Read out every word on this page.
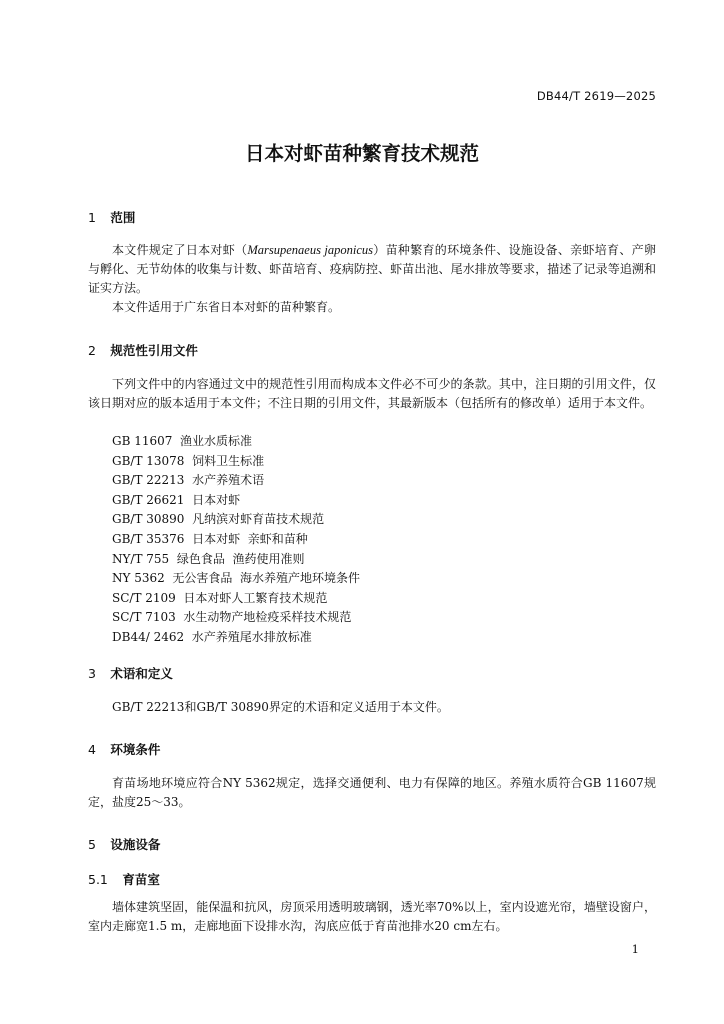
DB44/T 2619—2025
日本对虾苗种繁育技术规范
1 范围
本文件规定了日本对虾（Marsupenaeus japonicus）苗种繁育的环境条件、设施设备、亲虾培育、产卵与孵化、无节幼体的收集与计数、虾苗培育、疫病防控、虾苗出池、尾水排放等要求，描述了记录等追溯和证实方法。
本文件适用于广东省日本对虾的苗种繁育。
2 规范性引用文件
下列文件中的内容通过文中的规范性引用而构成本文件必不可少的条款。其中，注日期的引用文件，仅该日期对应的版本适用于本文件；不注日期的引用文件，其最新版本（包括所有的修改单）适用于本文件。
GB 11607  渔业水质标准
GB/T 13078  饲料卫生标准
GB/T 22213  水产养殖术语
GB/T 26621  日本对虾
GB/T 30890  凡纳滨对虾育苗技术规范
GB/T 35376  日本对虾  亲虾和苗种
NY/T 755  绿色食品  渔药使用准则
NY 5362  无公害食品  海水养殖产地环境条件
SC/T 2109  日本对虾人工繁育技术规范
SC/T 7103  水生动物产地检疫采样技术规范
DB44/ 2462  水产养殖尾水排放标准
3 术语和定义
GB/T 22213和GB/T 30890界定的术语和定义适用于本文件。
4 环境条件
育苗场地环境应符合NY 5362规定，选择交通便利、电力有保障的地区。养殖水质符合GB 11607规定，盐度25～33。
5 设施设备
5.1 育苗室
墙体建筑坚固，能保温和抗风，房顶采用透明玻璃钢，透光率70%以上，室内设遮光帘，墙壁设窗户，室内走廊宽1.5 m，走廊地面下设排水沟，沟底应低于育苗池排水20 cm左右。
1
